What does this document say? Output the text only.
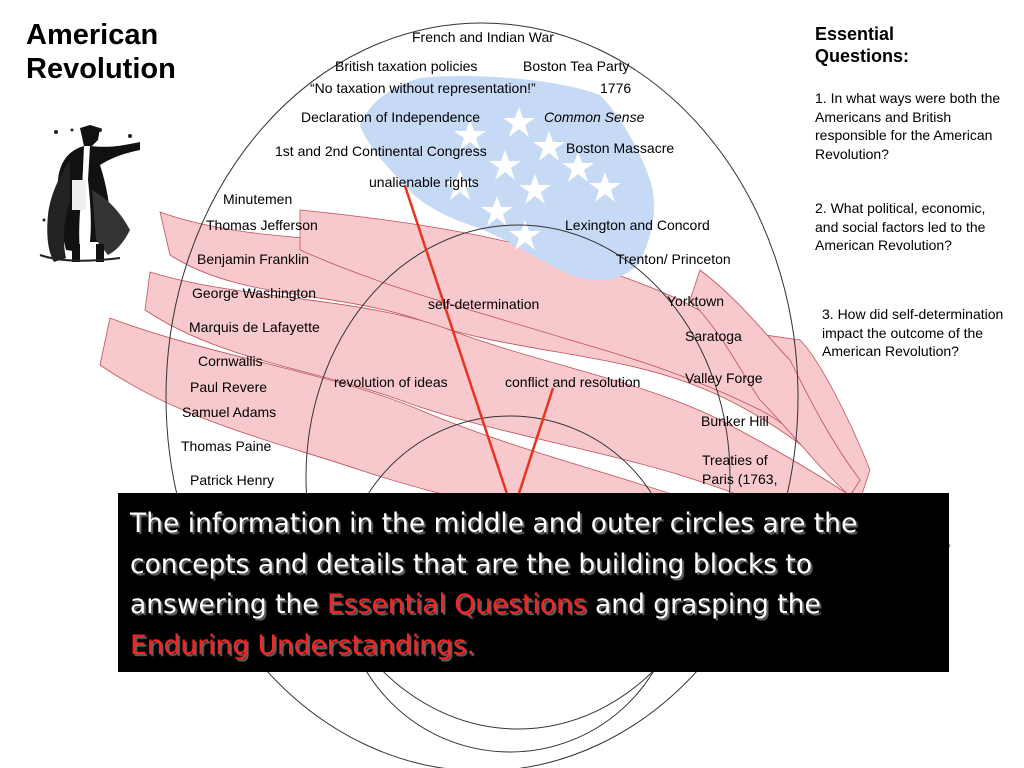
American
Revolution
Essential
Questions:
1. In what ways were both the Americans and British responsible for the American Revolution?
2. What political, economic, and social factors led to the American Revolution?
3. How did self-determination impact the outcome of the American Revolution?
French and Indian War
British taxation policies	Boston Tea Party
“No taxation without representation!”	1776
Declaration of Independence	Common Sense
1st and 2nd Continental Congress	Boston Massacre
unalienable rights
Minutemen
Thomas Jefferson	Lexington and Concord
Benjamin Franklin	Trenton/ Princeton
George Washington	Yorktown
Marquis de Lafayette
Saratoga
Cornwallis
Paul Revere
Valley Forge
Samuel Adams
Bunker Hill
Thomas Paine
Treaties of Paris (1763,
Patrick Henry
self-determination
revolution of ideas	conflict and resolution

The information in the middle and outer circles are the concepts and details that are the building blocks to answering the Essential Questions and grasping the Enduring Understandings.
